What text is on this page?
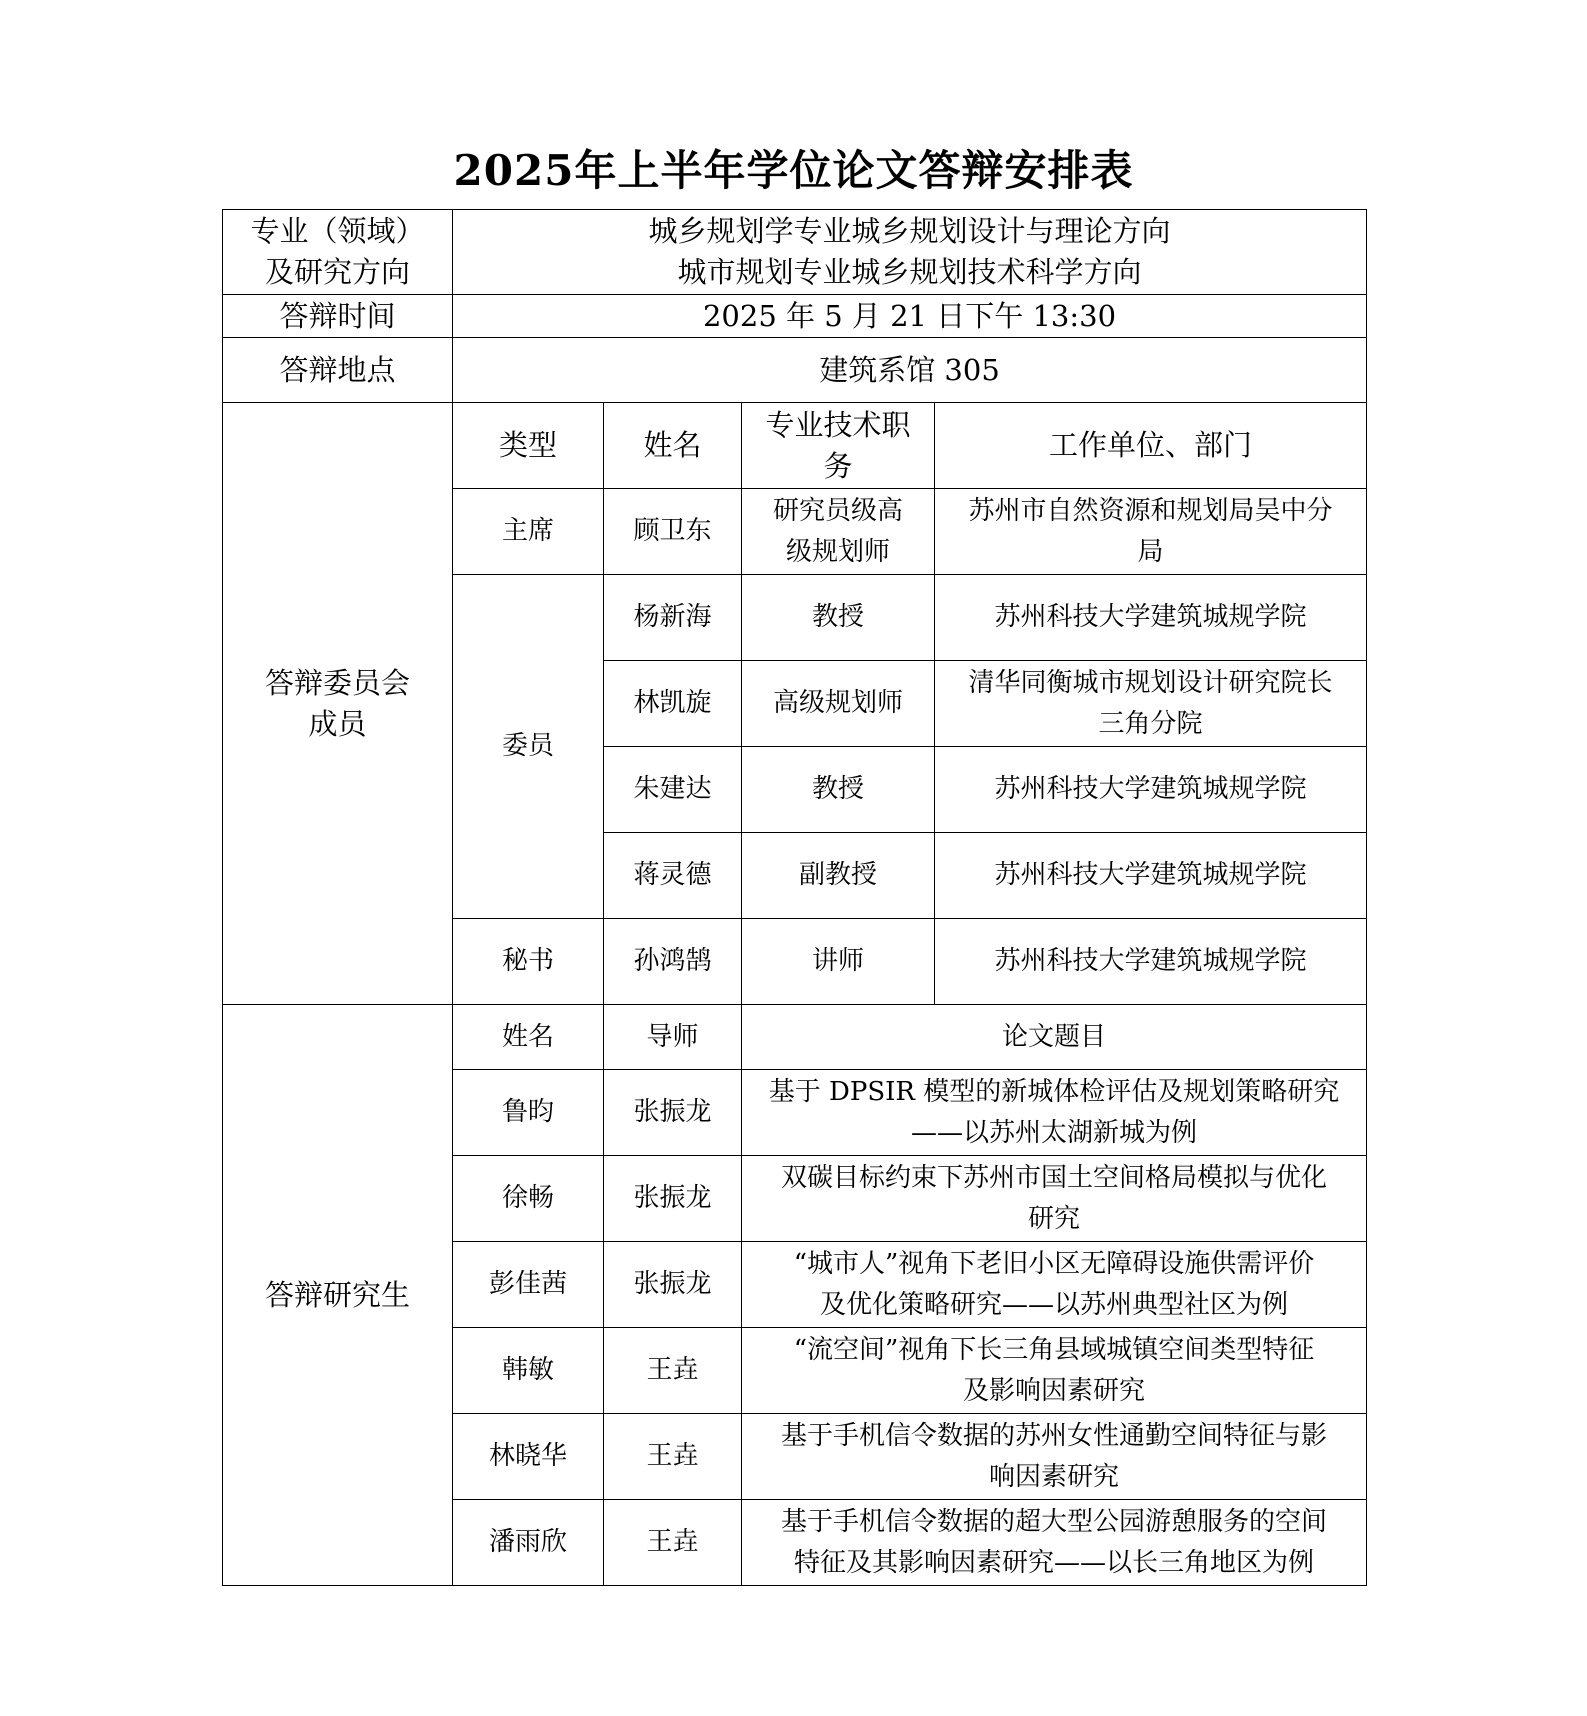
2025年上半年学位论文答辩安排表
专业（领域）
及研究方向	城乡规划学专业城乡规划设计与理论方向
城市规划专业城乡规划技术科学方向			

答辩时间	2025 年 5 月 21 日下午 13:30			
答辩地点	建筑系馆 305			

答辩委员会
成员	类型	姓名	专业技术职
务	工作单位、部门
	主席	顾卫东	研究员级高
级规划师	苏州市自然资源和规划局吴中分
局

	委员	杨新海	教授	苏州科技大学建筑城规学院
		林凯旋	高级规划师	清华同衡城市规划设计研究院长
三角分院

		朱建达	教授	苏州科技大学建筑城规学院
		蒋灵德	副教授	苏州科技大学建筑城规学院
	秘书	孙鸿鹄	讲师	苏州科技大学建筑城规学院
答辩研究生	姓名	导师	论文题目	
	鲁昀	张振龙	基于 DPSIR 模型的新城体检评估及规划策略研究
——以苏州太湖新城为例	

	徐畅	张振龙	双碳目标约束下苏州市国土空间格局模拟与优化
研究	

	彭佳茜	张振龙	“城市人”视角下老旧小区无障碍设施供需评价
及优化策略研究——以苏州典型社区为例	

	韩敏	王垚	“流空间”视角下长三角县域城镇空间类型特征
及影响因素研究	

	林晓华	王垚	基于手机信令数据的苏州女性通勤空间特征与影
响因素研究	

	潘雨欣	王垚	基于手机信令数据的超大型公园游憩服务的空间
特征及其影响因素研究——以长三角地区为例	
